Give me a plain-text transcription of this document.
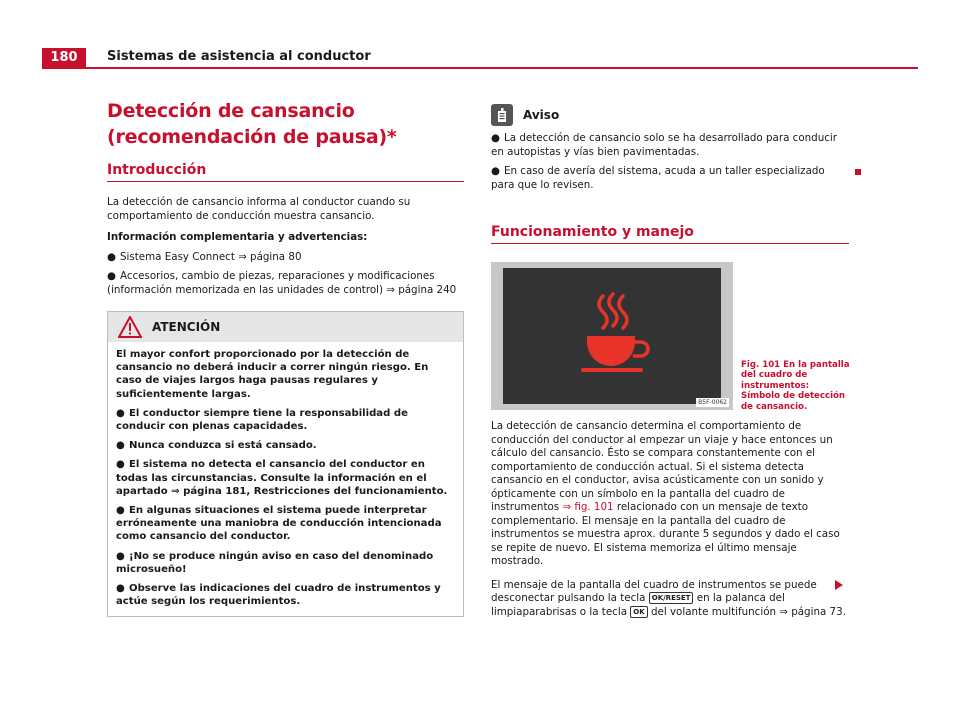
180	Sistemas de asistencia al conductor
Detección de cansancio (recomendación de pausa)*
Introducción

La detección de cansancio informa al conductor cuando su comportamiento de conducción muestra cansancio.

Información complementaria y advertencias:

● Sistema Easy Connect ⇒ página 80
● Accesorios, cambio de piezas, reparaciones y modificaciones (información memorizada en las unidades de control) ⇒ página 240
ATENCIÓN
El mayor confort proporcionado por la detección de cansancio no deberá inducir a correr ningún riesgo. En caso de viajes largos haga pausas regulares y suficientemente largas.
● El conductor siempre tiene la responsabilidad de conducir con plenas capacidades.
● Nunca conduzca si está cansado.
● El sistema no detecta el cansancio del conductor en todas las circunstancias. Consulte la información en el apartado ⇒ página 181, Restricciones del funcionamiento.
● En algunas situaciones el sistema puede interpretar erróneamente una maniobra de conducción intencionada como cansancio del conductor.
● ¡No se produce ningún aviso en caso del denominado microsueño!
● Observe las indicaciones del cuadro de instrumentos y actúe según los requerimientos.
Aviso
● La detección de cansancio solo se ha desarrollado para conducir en autopistas y vías bien pavimentadas.
● En caso de avería del sistema, acuda a un taller especializado para que lo revisen.
Funcionamiento y manejo
B5F-0062
Fig. 101 En la pantalla del cuadro de instrumentos: Símbolo de detección de cansancio.

La detección de cansancio determina el comportamiento de conducción del conductor al empezar un viaje y hace entonces un cálculo del cansancio. Ésto se compara constantemente con el comportamiento de conducción actual. Si el sistema detecta cansancio en el conductor, avisa acústicamente con un sonido y ópticamente con un símbolo en la pantalla del cuadro de instrumentos ⇒ fig. 101 relacionado con un mensaje de texto complementario. El mensaje en la pantalla del cuadro de instrumentos se muestra aprox. durante 5 segundos y dado el caso se repite de nuevo. El sistema memoriza el último mensaje mostrado.

El mensaje de la pantalla del cuadro de instrumentos se puede desconectar pulsando la tecla OK/RESET en la palanca del limpiaparabrisas o la tecla OK del volante multifunción ⇒ página 73.
